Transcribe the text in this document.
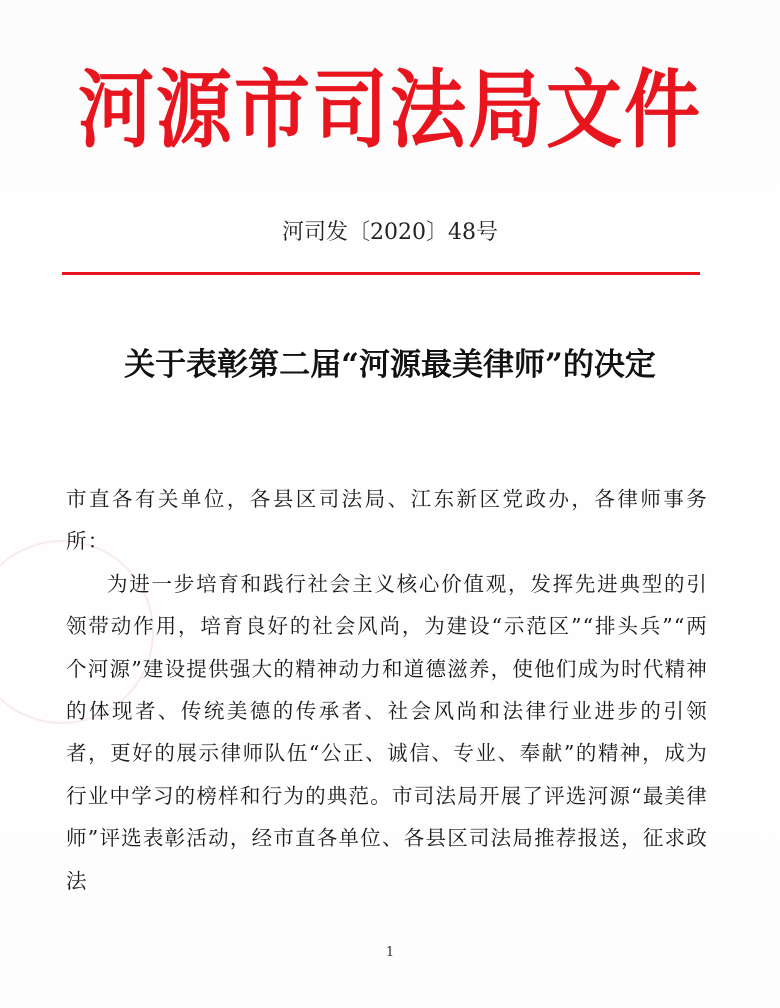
河源市司法局文件
河司发〔2020〕48号
关于表彰第二届“河源最美律师”的决定

市直各有关单位，各县区司法局、江东新区党政办，各律师事务所：

为进一步培育和践行社会主义核心价值观，发挥先进典型的引领带动作用，培育良好的社会风尚，为建设“示范区”“排头兵”“两个河源”建设提供强大的精神动力和道德滋养，使他们成为时代精神的体现者、传统美德的传承者、社会风尚和法律行业进步的引领者，更好的展示律师队伍“公正、诚信、专业、奉献”的精神，成为行业中学习的榜样和行为的典范。市司法局开展了评选河源“最美律师”评选表彰活动，经市直各单位、各县区司法局推荐报送，征求政法

1
